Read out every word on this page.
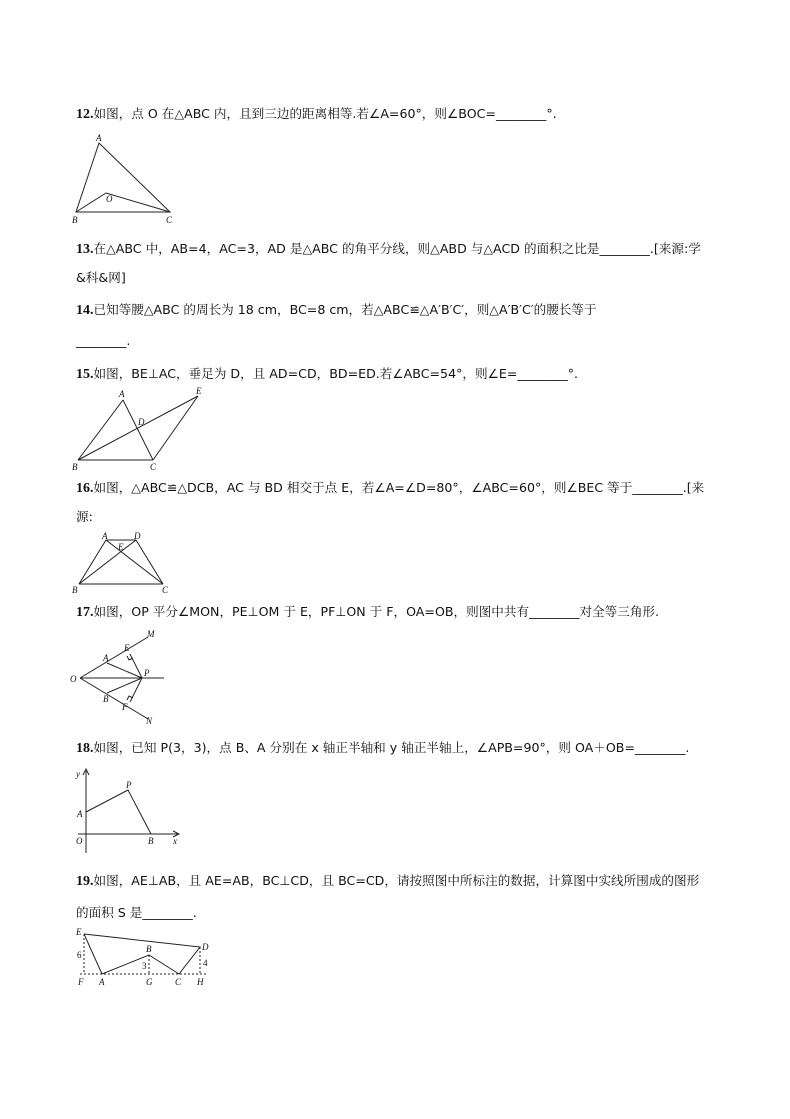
12.如图，点 O 在△ABC 内，且到三边的距离相等.若∠A=60°，则∠BOC=________°.
A
B	C
O
13.在△ABC 中，AB=4，AC=3，AD 是△ABC 的角平分线，则△ABD 与△ACD 的面积之比是________.[来源:学
&科&网]
14.已知等腰△ABC 的周长为 18 cm，BC=8 cm，若△ABC≌△A′B′C′，则△A′B′C′的腰长等于
________.
15.如图，BE⊥AC，垂足为 D，且 AD=CD，BD=ED.若∠ABC=54°，则∠E=________°.
A
B	C
D
E
16.如图，△ABC≌△DCB，AC 与 BD 相交于点 E，若∠A=∠D=80°，∠ABC=60°，则∠BEC 等于________.[来
源:
A
B	C
D
E
17.如图，OP 平分∠MON，PE⊥OM 于 E，PF⊥ON 于 F，OA=OB，则图中共有________对全等三角形.
O
A
B
E
F
M
N
P
18.如图，已知 P(3，3)，点 B、A 分别在 x 轴正半轴和 y 轴正半轴上，∠APB=90°，则 OA＋OB=________.
y
P
A
O	B x
19.如图，AE⊥AB，且 AE=AB，BC⊥CD，且 BC=CD，请按照图中所标注的数据，计算图中实线所围成的图形
的面积 S 是________.
E
B	D
F A	G	C H
6
3	4
